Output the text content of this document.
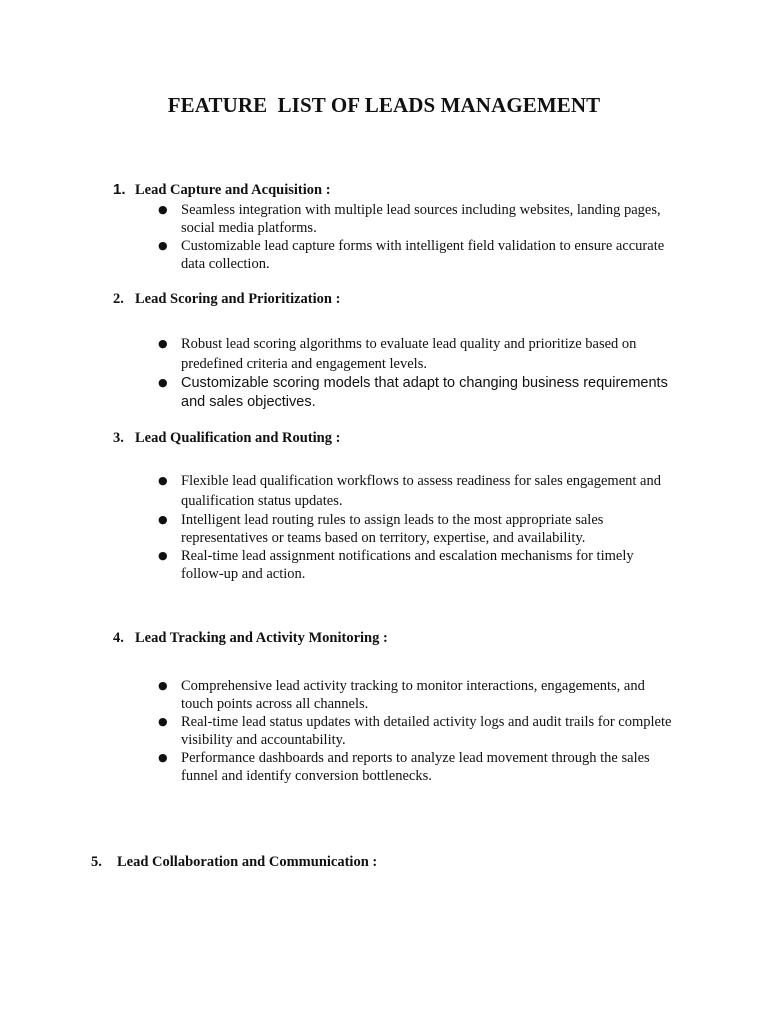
FEATURE LIST OF LEADS MANAGEMENT
1. Lead Capture and Acquisition :
● Seamless integration with multiple lead sources including websites, landing pages, social media platforms.
● Customizable lead capture forms with intelligent field validation to ensure accurate data collection.
2. Lead Scoring and Prioritization :
● Robust lead scoring algorithms to evaluate lead quality and prioritize based on predefined criteria and engagement levels.
● Customizable scoring models that adapt to changing business requirements and sales objectives.
3. Lead Qualification and Routing :
● Flexible lead qualification workflows to assess readiness for sales engagement and qualification status updates.
● Intelligent lead routing rules to assign leads to the most appropriate sales representatives or teams based on territory, expertise, and availability.
● Real-time lead assignment notifications and escalation mechanisms for timely follow-up and action.
4. Lead Tracking and Activity Monitoring :
● Comprehensive lead activity tracking to monitor interactions, engagements, and touch points across all channels.
● Real-time lead status updates with detailed activity logs and audit trails for complete visibility and accountability.
● Performance dashboards and reports to analyze lead movement through the sales funnel and identify conversion bottlenecks.
5. Lead Collaboration and Communication :
